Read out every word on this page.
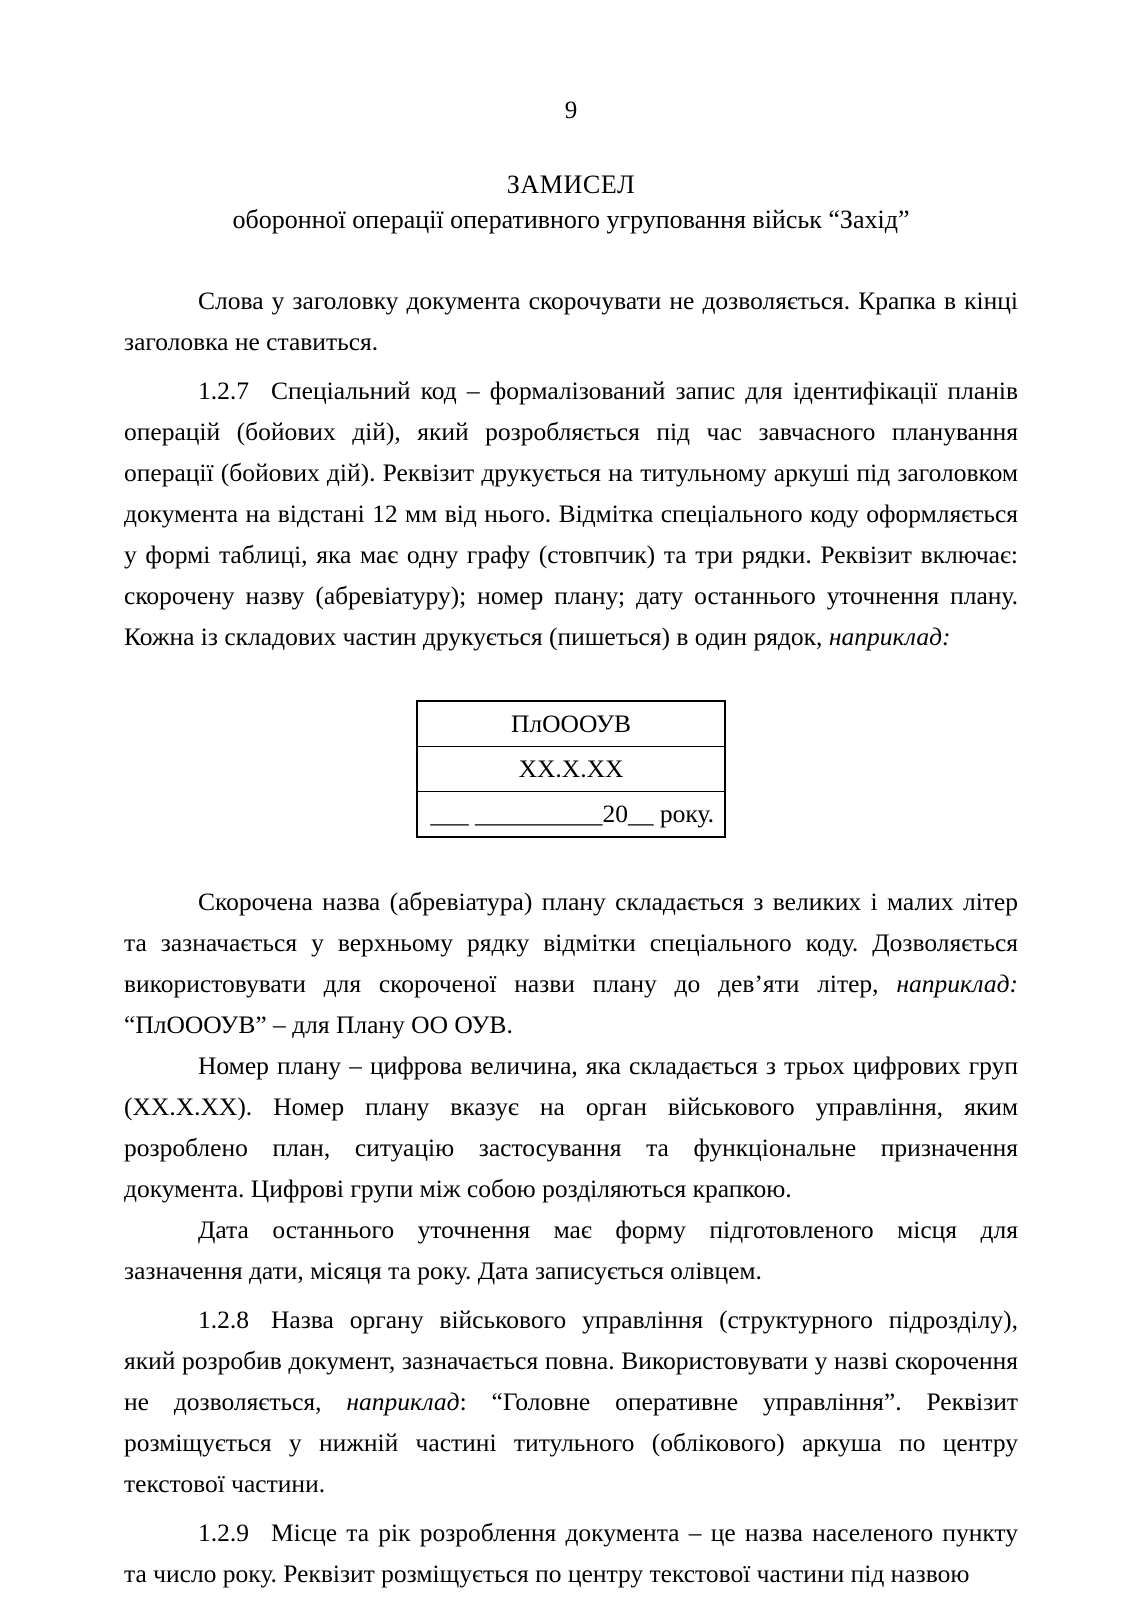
9
ЗАМИСЕЛ
оборонної операції оперативного угруповання військ “Захід”

Слова у заголовку документа скорочувати не дозволяється. Крапка в кінці заголовка не ставиться.

1.2.7 Спеціальний код – формалізований запис для ідентифікації планів операцій (бойових дій), який розробляється під час завчасного планування операції (бойових дій). Реквізит друкується на титульному аркуші під заголовком документа на відстані 12 мм від нього. Відмітка спеціального коду оформляється у формі таблиці, яка має одну графу (стовпчик) та три рядки. Реквізит включає: скорочену назву (абревіатуру); номер плану; дату останнього уточнення плану. Кожна із складових частин друкується (пишеться) в один рядок, наприклад:

ПлОООУВ
XX.X.XX
___ __________20__ року.

Скорочена назва (абревіатура) плану складається з великих і малих літер та зазначається у верхньому рядку відмітки спеціального коду. Дозволяється використовувати для скороченої назви плану до дев’яти літер, наприклад: “ПлОООУВ” – для Плану ОО ОУВ.

Номер плану – цифрова величина, яка складається з трьох цифрових груп (XX.X.XX). Номер плану вказує на орган військового управління, яким розроблено план, ситуацію застосування та функціональне призначення документа. Цифрові групи між собою розділяються крапкою.

Дата останнього уточнення має форму підготовленого місця для зазначення дати, місяця та року. Дата записується олівцем.

1.2.8 Назва органу військового управління (структурного підрозділу), який розробив документ, зазначається повна. Використовувати у назві скорочення не дозволяється, наприклад: “Головне оперативне управління”. Реквізит розміщується у нижній частині титульного (облікового) аркуша по центру текстової частини.

1.2.9 Місце та рік розроблення документа – це назва населеного пункту та число року. Реквізит розміщується по центру текстової частини під назвою
